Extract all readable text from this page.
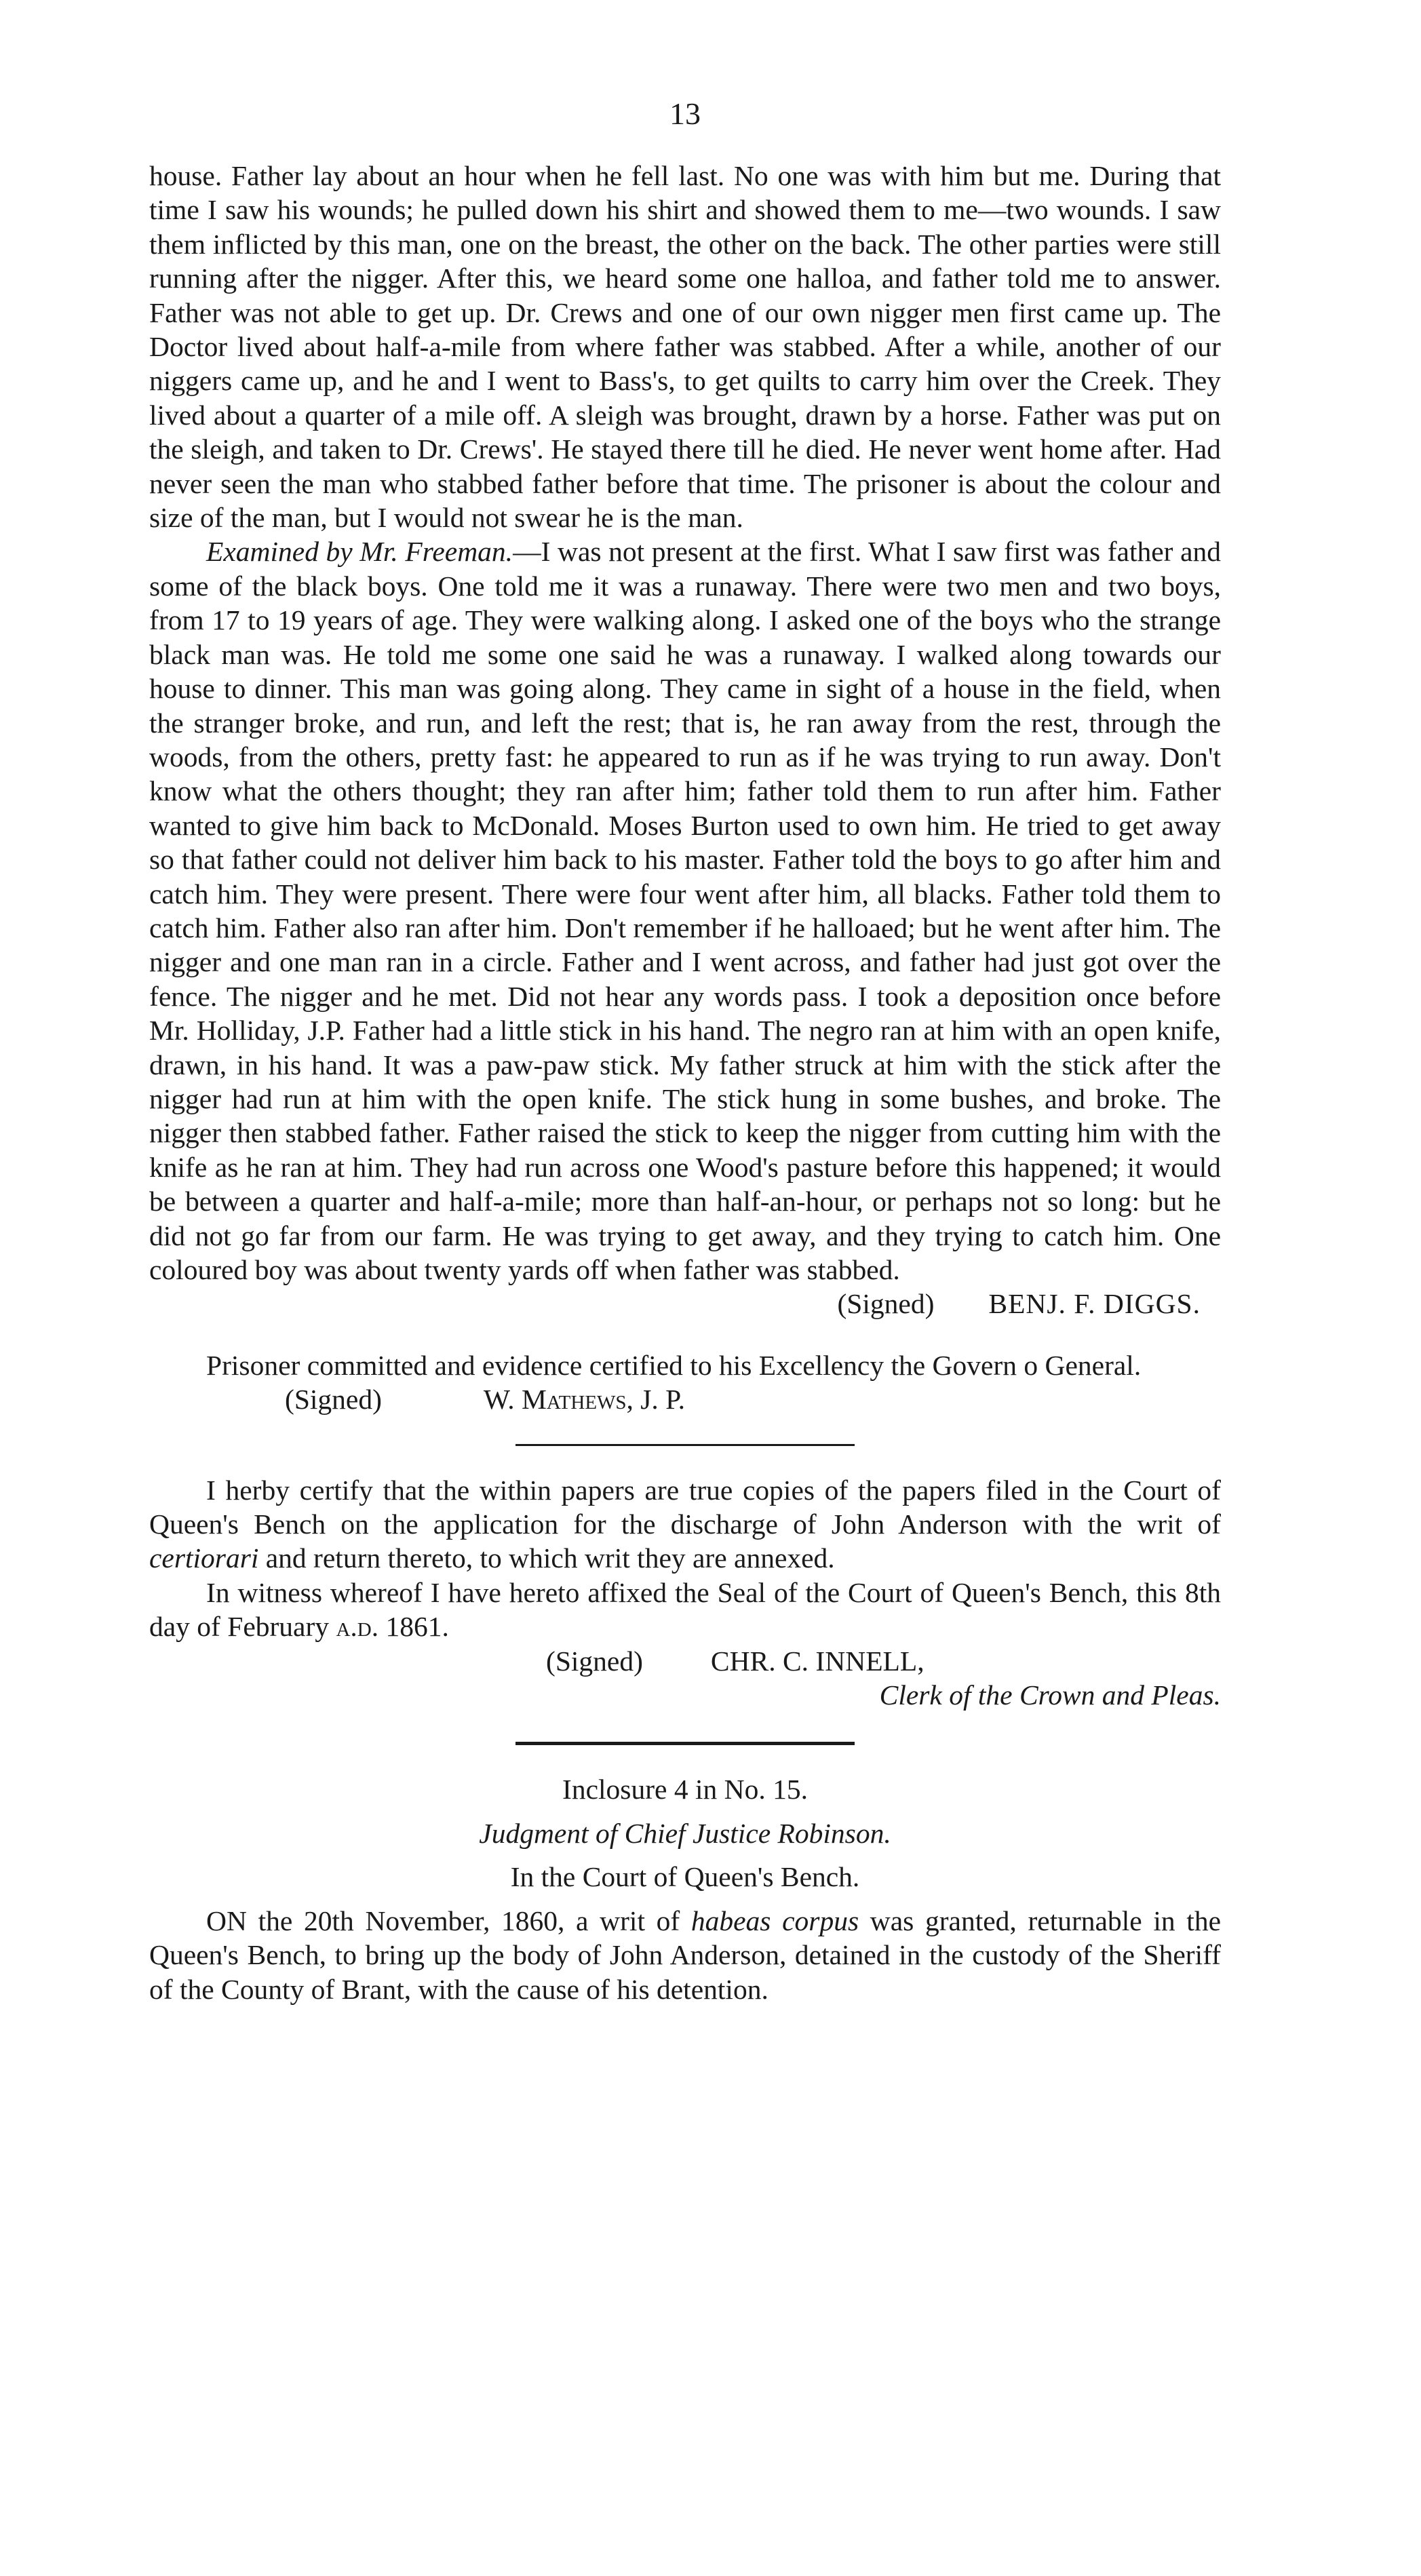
13

house. Father lay about an hour when he fell last. No one was with him but me. During that time I saw his wounds; he pulled down his shirt and showed them to me—two wounds. I saw them inflicted by this man, one on the breast, the other on the back. The other parties were still running after the nigger. After this, we heard some one halloa, and father told me to answer. Father was not able to get up. Dr. Crews and one of our own nigger men first came up. The Doctor lived about half-a-mile from where father was stabbed. After a while, another of our niggers came up, and he and I went to Bass's, to get quilts to carry him over the Creek. They lived about a quarter of a mile off. A sleigh was brought, drawn by a horse. Father was put on the sleigh, and taken to Dr. Crews'. He stayed there till he died. He never went home after. Had never seen the man who stabbed father before that time. The prisoner is about the colour and size of the man, but I would not swear he is the man.

Examined by Mr. Freeman.—I was not present at the first. What I saw first was father and some of the black boys. One told me it was a runaway. There were two men and two boys, from 17 to 19 years of age. They were walking along. I asked one of the boys who the strange black man was. He told me some one said he was a runaway. I walked along towards our house to dinner. This man was going along. They came in sight of a house in the field, when the stranger broke, and run, and left the rest; that is, he ran away from the rest, through the woods, from the others, pretty fast: he appeared to run as if he was trying to run away. Don't know what the others thought; they ran after him; father told them to run after him. Father wanted to give him back to McDonald. Moses Burton used to own him. He tried to get away so that father could not deliver him back to his master. Father told the boys to go after him and catch him. They were present. There were four went after him, all blacks. Father told them to catch him. Father also ran after him. Don't remember if he halloaed; but he went after him. The nigger and one man ran in a circle. Father and I went across, and father had just got over the fence. The nigger and he met. Did not hear any words pass. I took a deposition once before Mr. Holliday, J.P. Father had a little stick in his hand. The negro ran at him with an open knife, drawn, in his hand. It was a paw-paw stick. My father struck at him with the stick after the nigger had run at him with the open knife. The stick hung in some bushes, and broke. The nigger then stabbed father. Father raised the stick to keep the nigger from cutting him with the knife as he ran at him. They had run across one Wood's pasture before this happened; it would be between a quarter and half-a-mile; more than half-an-hour, or perhaps not so long: but he did not go far from our farm. He was trying to get away, and they trying to catch him. One coloured boy was about twenty yards off when father was stabbed.

(Signed) BENJ. F. DIGGS.

Prisoner committed and evidence certified to his Excellency the Govern o General.

(Signed)	W. Mathews, J. P.

I herby certify that the within papers are true copies of the papers filed in the Court of Queen's Bench on the application for the discharge of John Anderson with the writ of certiorari and return thereto, to which writ they are annexed.

In witness whereof I have hereto affixed the Seal of the Court of Queen's Bench, this 8th day of February a.d. 1861.

(Signed) CHR. C. INNELL,
Clerk of the Crown and Pleas.
Inclosure 4 in No. 15.
Judgment of Chief Justice Robinson.
In the Court of Queen's Bench.

ON the 20th November, 1860, a writ of habeas corpus was granted, returnable in the Queen's Bench, to bring up the body of John Anderson, detained in the custody of the Sheriff of the County of Brant, with the cause of his detention.
